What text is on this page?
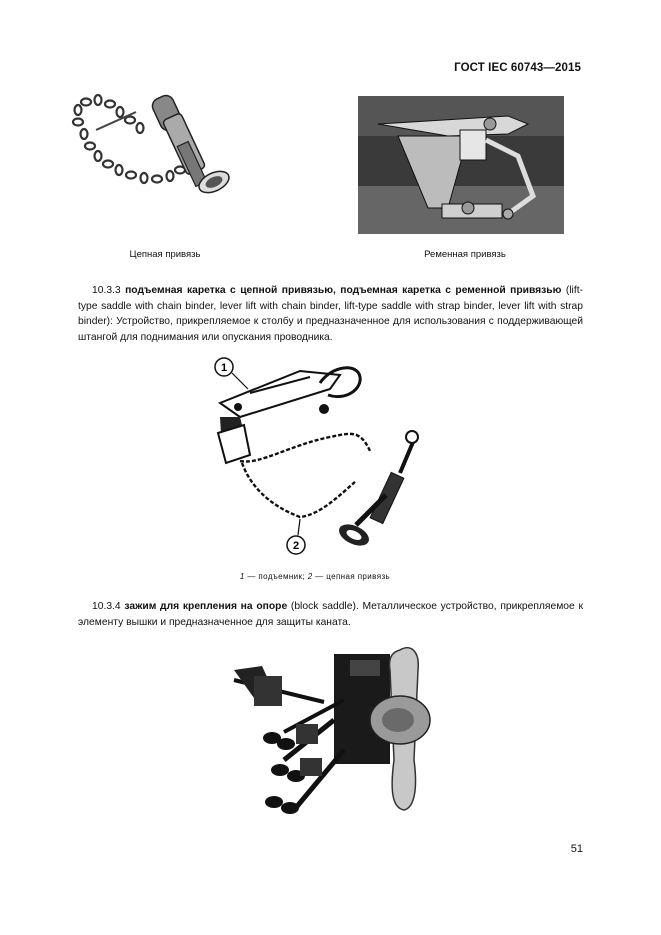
ГОСТ IEC 60743—2015
Цепная привязь	Ременная привязь
10.3.3 подъемная каретка с цепной привязью, подъемная каретка с ременной привязью (lift-type saddle with chain binder, lever lift with chain binder, lift-type saddle with strap binder, lever lift with strap binder): Устройство, прикрепляемое к столбу и предназначенное для использования с поддерживающей штангой для поднимания или опускания проводника.
1
2
1 — подъемник; 2 — цепная привязь
10.3.4 зажим для крепления на опоре (block saddle). Металлическое устройство, прикрепляемое к элементу вышки и предназначенное для защиты каната.
51
